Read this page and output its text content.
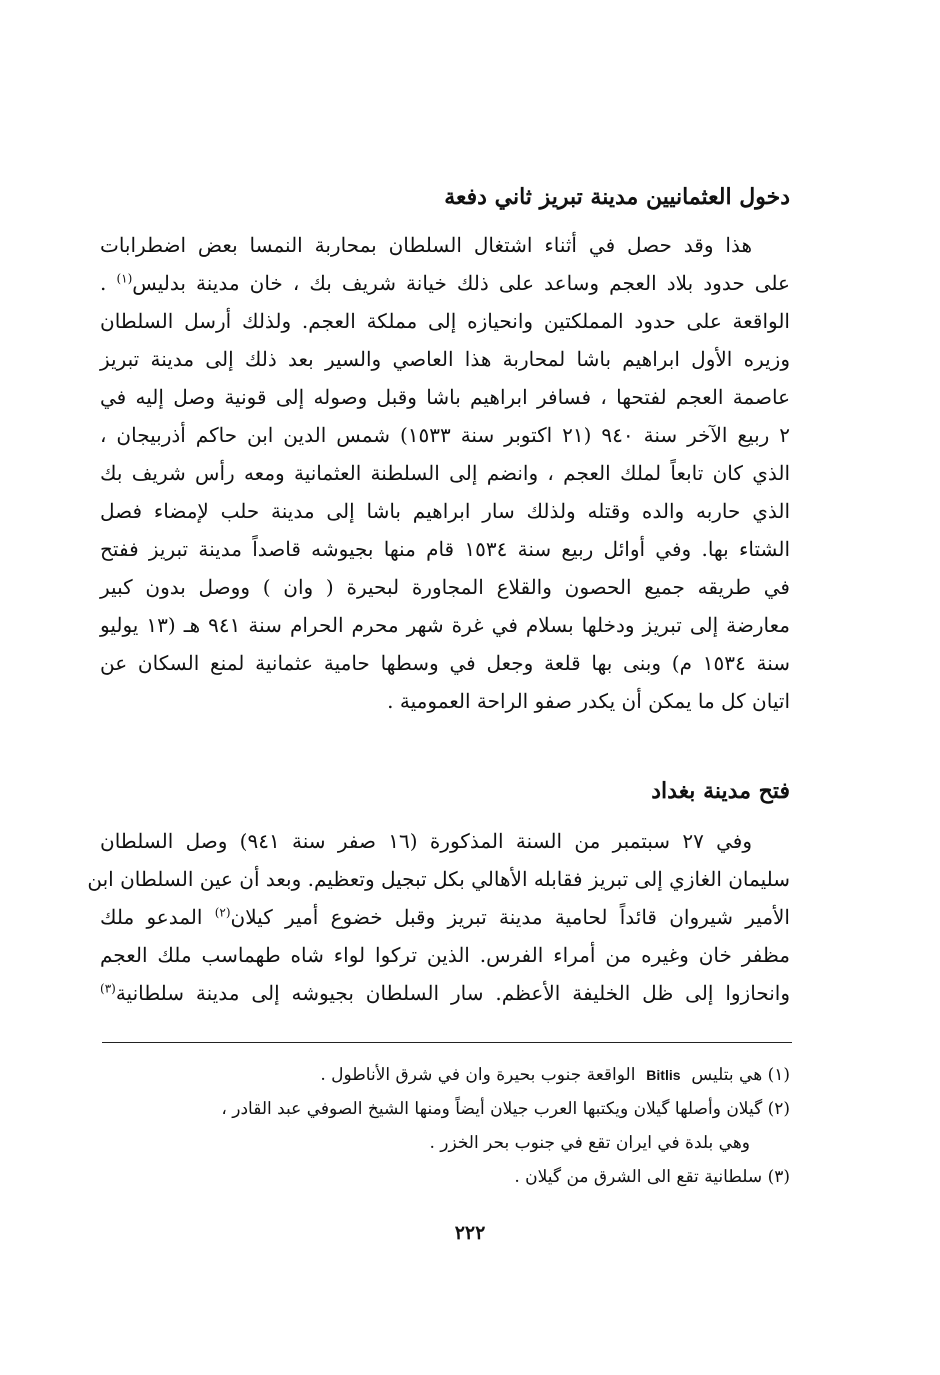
دخول العثمانيين مدينة تبريز ثاني دفعة
هذا وقد حصل في أثناء اشتغال السلطان بمحاربة النمسا بعض اضطرابات
على حدود بلاد العجم وساعد على ذلك خيانة شريف بك ، خان مدينة بدليس$^{(١)}$ .
الواقعة على حدود المملكتين وانحيازه إلى مملكة العجم. ولذلك أرسل السلطان
وزيره الأول ابراهيم باشا لمحاربة هذا العاصي والسير بعد ذلك إلى مدينة تبريز
عاصمة العجم لفتحها ، فسافر ابراهيم باشا وقبل وصوله إلى قونية وصل إليه في
٢ ربيع الآخر سنة ٩٤٠ (٢١ اكتوبر سنة ١٥٣٣) شمس الدين ابن حاكم أذربيجان ،
الذي كان تابعاً لملك العجم ، وانضم إلى السلطنة العثمانية ومعه رأس شريف بك
الذي حاربه والده وقتله ولذلك سار ابراهيم باشا إلى مدينة حلب لإمضاء فصل
الشتاء بها. وفي أوائل ربيع سنة ١٥٣٤ قام منها بجيوشه قاصداً مدينة تبريز ففتح
في طريقه جميع الحصون والقلاع المجاورة لبحيرة ( وان ) ووصل بدون كبير
معارضة إلى تبريز ودخلها بسلام في غرة شهر محرم الحرام سنة ٩٤١ هـ (١٣ يوليو
سنة ١٥٣٤ م) وبنى بها قلعة وجعل في وسطها حامية عثمانية لمنع السكان عن
اتيان كل ما يمكن أن يكدر صفو الراحة العمومية .
فتح مدينة بغداد
وفي ٢٧ سبتمبر من السنة المذكورة (١٦ صفر سنة ٩٤١) وصل السلطان
سليمان الغازي إلى تبريز فقابله الأهالي بكل تبجيل وتعظيم. وبعد أن عين السلطان ابن
الأمير شيروان قائداً لحامية مدينة تبريز وقبل خضوع أمير كيلان$^{(٢)}$ المدعو ملك
مظفر خان وغيره من أمراء الفرس. الذين تركوا لواء شاه طهماسب ملك العجم
وانحازوا إلى ظل الخليفة الأعظم. سار السلطان بجيوشه إلى مدينة سلطانية$^{(٣)}$
(١) هي بتليس  Bitlis  الواقعة جنوب بحيرة وان في شرق الأناطول .
(٢) گيلان وأصلها گيلان ويكتبها العرب جيلان أيضاً ومنها الشيخ الصوفي عبد القادر ،
وهي بلدة في ايران تقع في جنوب بحر الخزر .
(٣) سلطانية تقع الى الشرق من گيلان .
٢٢٢
